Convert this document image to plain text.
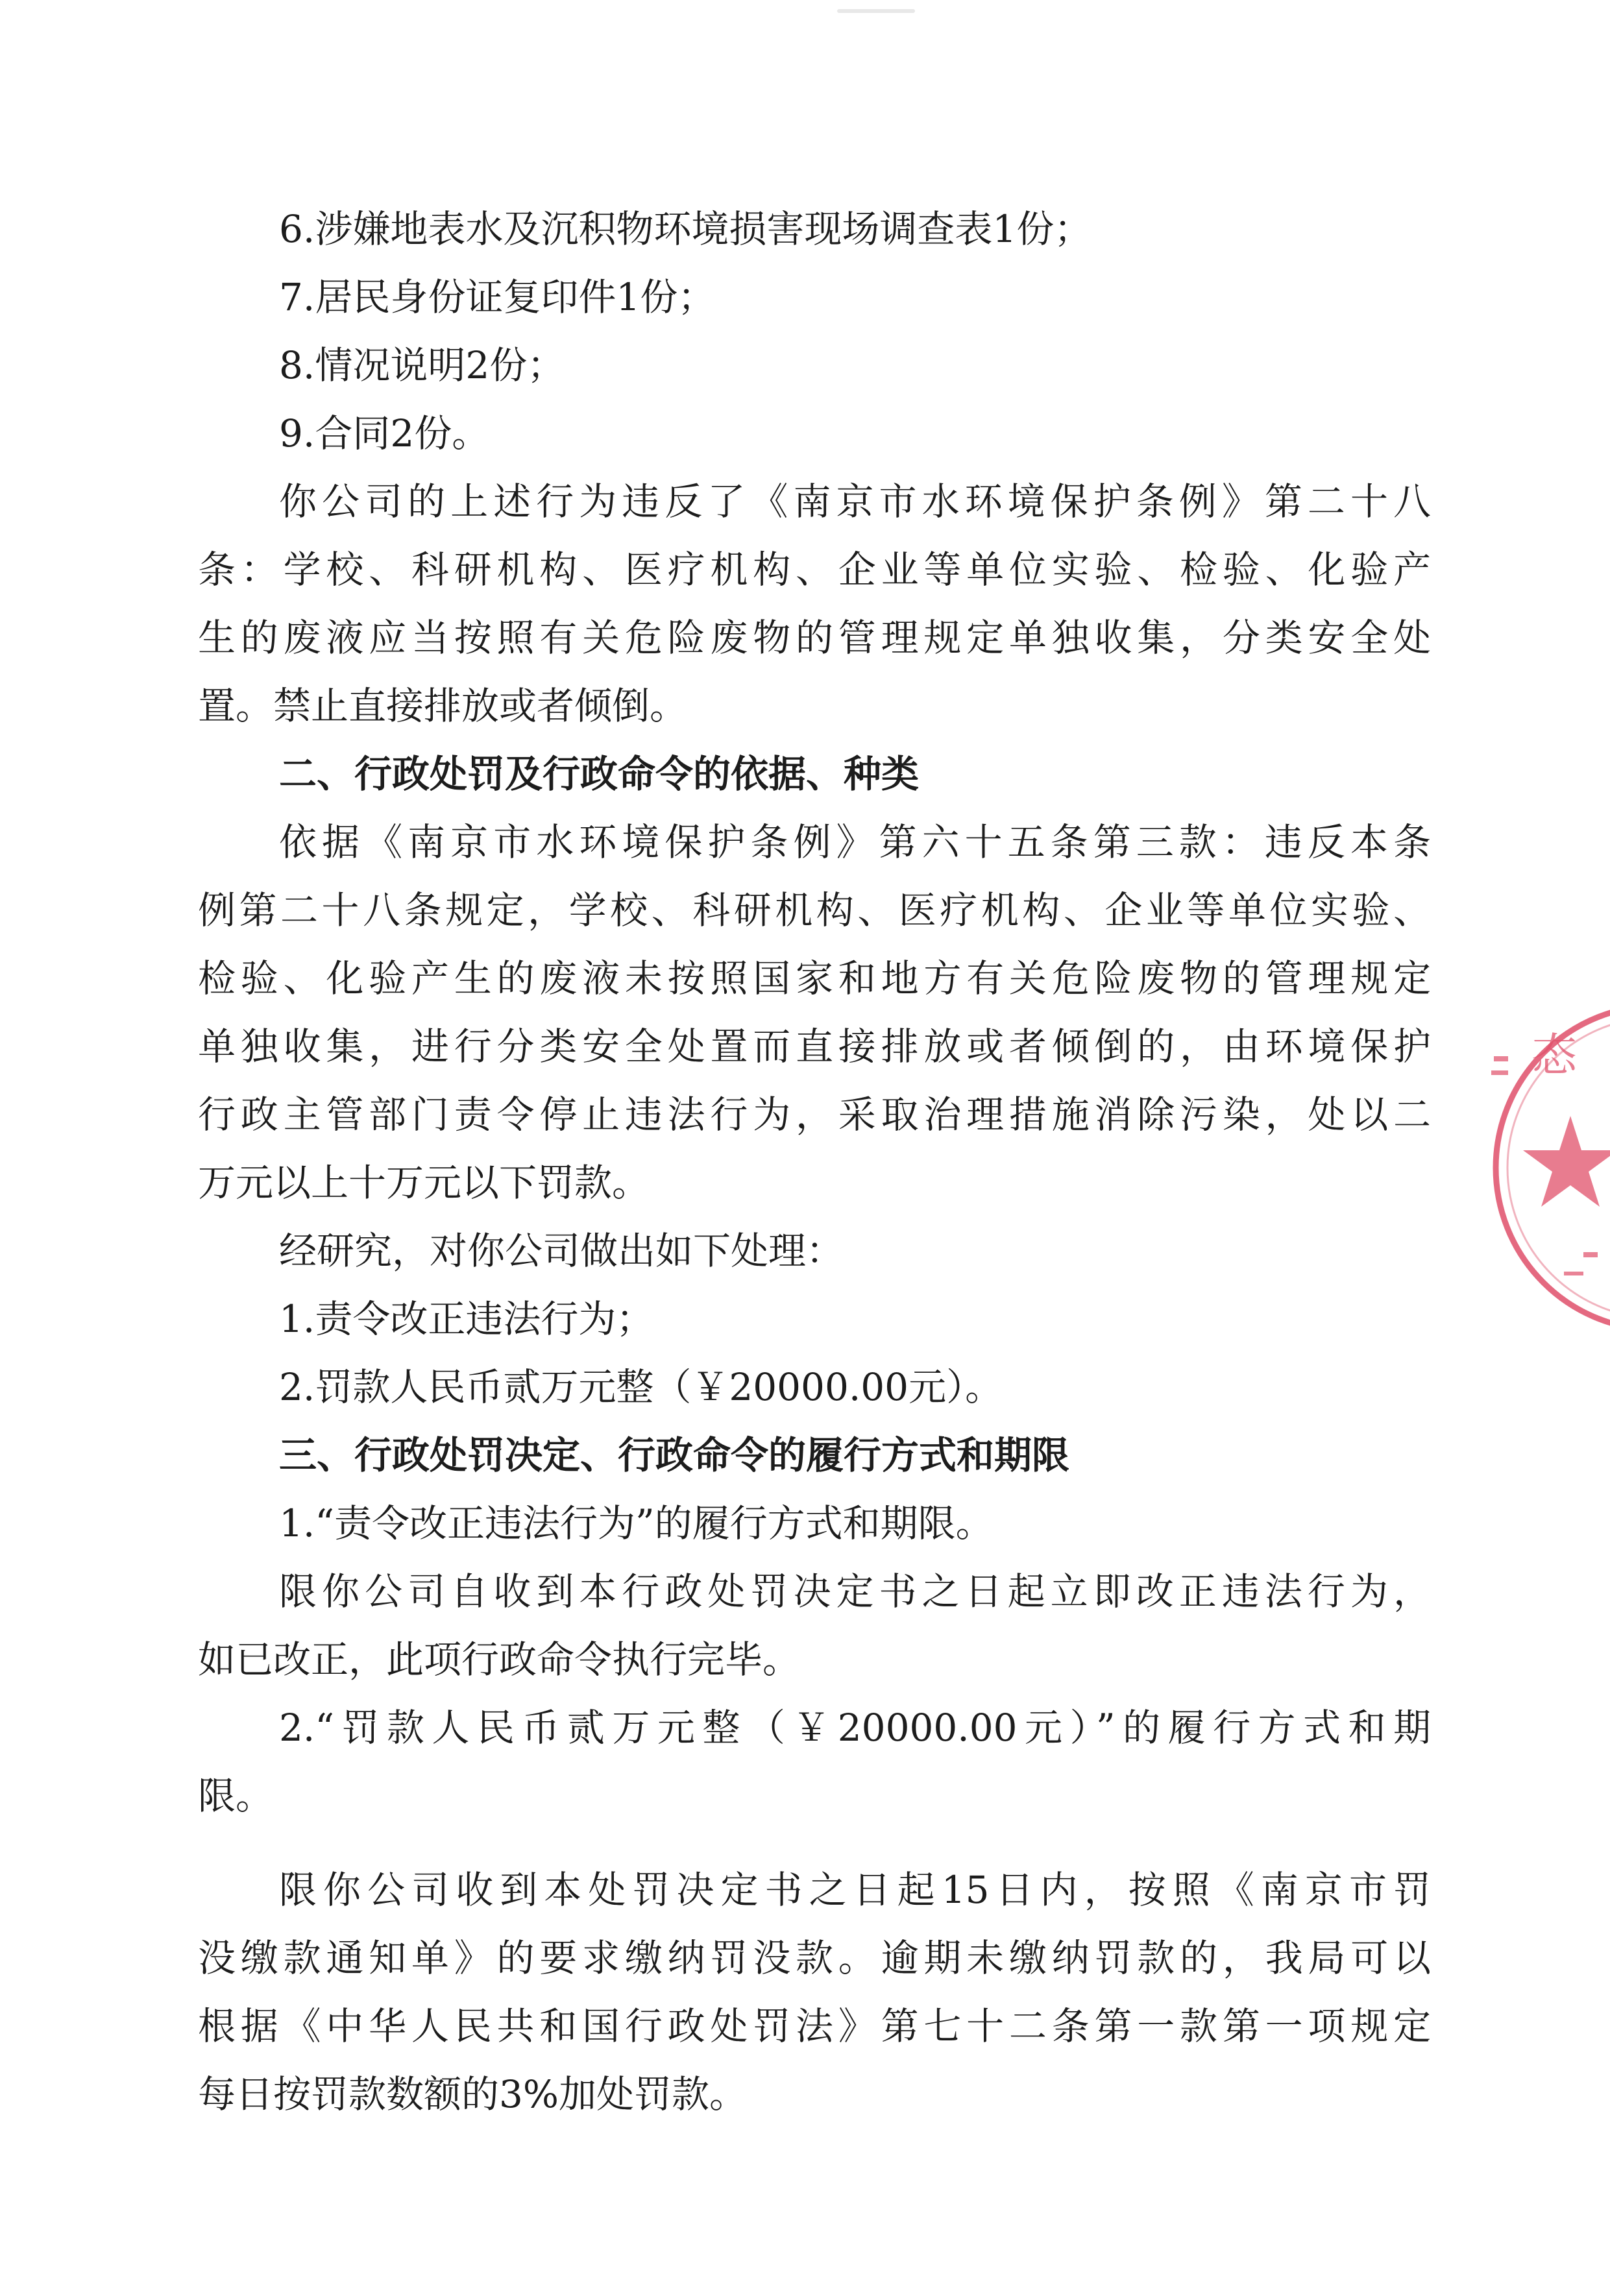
6.涉嫌地表水及沉积物环境损害现场调查表1份；
7.居民身份证复印件1份；
8.情况说明2份；
9.合同2份。
你公司的上述行为违反了《南京市水环境保护条例》第二十八
条：学校、科研机构、医疗机构、企业等单位实验、检验、化验产
生的废液应当按照有关危险废物的管理规定单独收集，分类安全处
置。禁止直接排放或者倾倒。
二、行政处罚及行政命令的依据、种类
依据《南京市水环境保护条例》第六十五条第三款：违反本条
例第二十八条规定，学校、科研机构、医疗机构、企业等单位实验、
检验、化验产生的废液未按照国家和地方有关危险废物的管理规定
单独收集，进行分类安全处置而直接排放或者倾倒的，由环境保护
行政主管部门责令停止违法行为，采取治理措施消除污染，处以二
万元以上十万元以下罚款。
经研究，对你公司做出如下处理：
1.责令改正违法行为；
2.罚款人民币贰万元整（￥20000.00元）。
三、行政处罚决定、行政命令的履行方式和期限
1.“责令改正违法行为”的履行方式和期限。
限你公司自收到本行政处罚决定书之日起立即改正违法行为，
如已改正，此项行政命令执行完毕。
2.“罚款人民币贰万元整（￥20000.00元）”的履行方式和期
限。
限你公司收到本处罚决定书之日起15日内，按照《南京市罚
没缴款通知单》的要求缴纳罚没款。逾期未缴纳罚款的，我局可以
根据《中华人民共和国行政处罚法》第七十二条第一款第一项规定
每日按罚款数额的3%加处罚款。
态
